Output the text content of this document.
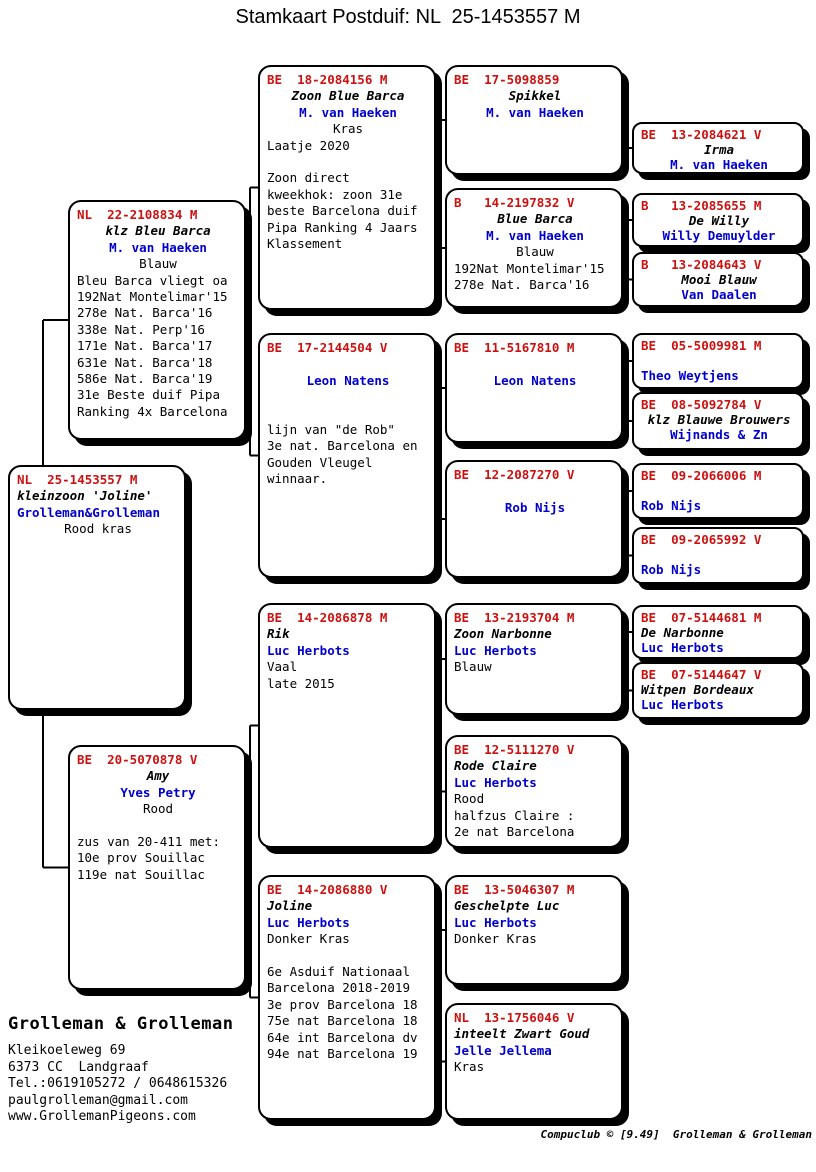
Stamkaart Postduif: NL  25-1453557 M
NL  25-1453557 M
kleinzoon 'Joline'
Grolleman&Grolleman
Rood kras
NL  22-2108834 M
klz Bleu Barca
M. van Haeken
Blauw
Bleu Barca vliegt oa
192Nat Montelimar'15
278e Nat. Barca'16
338e Nat. Perp'16
171e Nat. Barca'17
631e Nat. Barca'18
586e Nat. Barca'19
31e Beste duif Pipa
Ranking 4x Barcelona
BE  20-5070878 V
Amy
Yves Petry
Rood

zus van 20-411 met:
10e prov Souillac
119e nat Souillac
BE  18-2084156 M
Zoon Blue Barca
M. van Haeken
Kras
Laatje 2020

Zoon direct
kweekhok: zoon 31e
beste Barcelona duif
Pipa Ranking 4 Jaars
Klassement
BE  17-2144504 V

Leon Natens

lijn van "de Rob"
3e nat. Barcelona en
Gouden Vleugel
winnaar.
BE  14-2086878 M
Rik
Luc Herbots
Vaal
late 2015
BE  14-2086880 V
Joline
Luc Herbots
Donker Kras

6e Asduif Nationaal
Barcelona 2018-2019
3e prov Barcelona 18
75e nat Barcelona 18
64e int Barcelona dv
94e nat Barcelona 19
BE  17-5098859
Spikkel
M. van Haeken
B   14-2197832 V
Blue Barca
M. van Haeken
Blauw
192Nat Montelimar'15
278e Nat. Barca'16
BE  11-5167810 M

Leon Natens
BE  12-2087270 V

Rob Nijs
BE  13-2193704 M
Zoon Narbonne
Luc Herbots
Blauw
BE  12-5111270 V
Rode Claire
Luc Herbots
Rood
halfzus Claire :
2e nat Barcelona
BE  13-5046307 M
Geschelpte Luc
Luc Herbots
Donker Kras
NL  13-1756046 V
inteelt Zwart Goud
Jelle Jellema
Kras
BE  13-2084621 V
Irma
M. van Haeken
B   13-2085655 M
De Willy
Willy Demuylder
B   13-2084643 V
Mooi Blauw
Van Daalen
BE  05-5009981 M

Theo Weytjens
BE  08-5092784 V
klz Blauwe Brouwers
Wijnands & Zn
BE  09-2066006 M

Rob Nijs
BE  09-2065992 V

Rob Nijs
BE  07-5144681 M
De Narbonne
Luc Herbots
BE  07-5144647 V
Witpen Bordeaux
Luc Herbots
Grolleman & Grolleman
Kleikoeleweg 69
6373 CC  Landgraaf
Tel.:0619105272 / 0648615326
paulgrolleman@gmail.com
www.GrollemanPigeons.com
Compuclub © [9.49]  Grolleman & Grolleman
